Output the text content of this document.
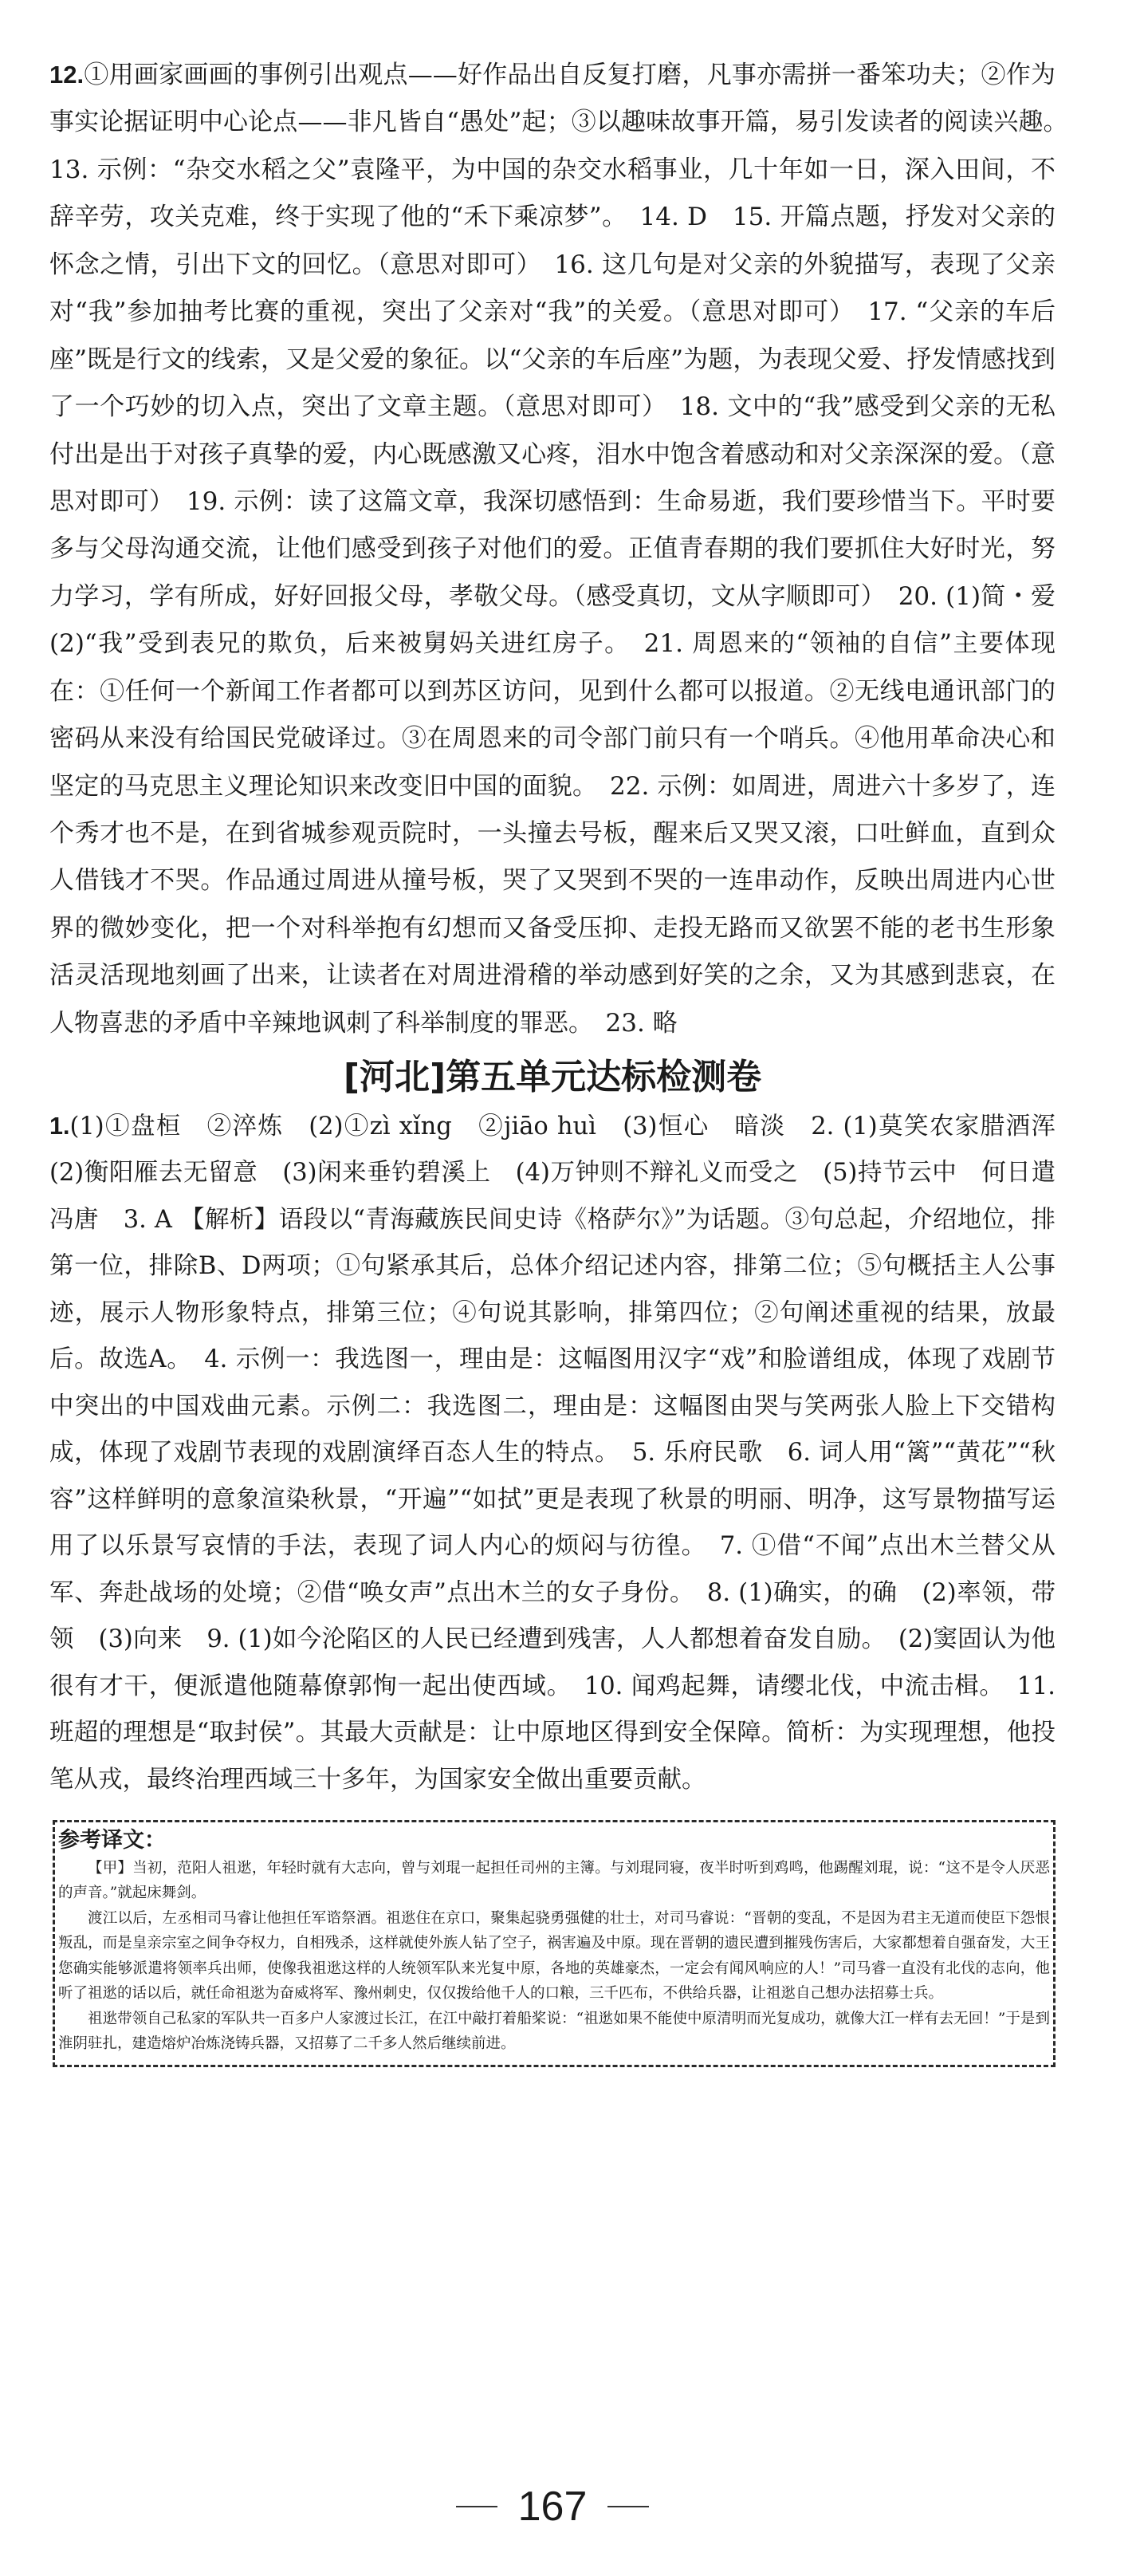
12.①用画家画画的事例引出观点——好作品出自反复打磨，凡事亦需拼一番笨功夫；②作为事实论据证明中心论点——非凡皆自“愚处”起；③以趣味故事开篇，易引发读者的阅读兴趣。　13. 示例：“杂交水稻之父”袁隆平，为中国的杂交水稻事业，几十年如一日，深入田间，不辞辛劳，攻关克难，终于实现了他的“禾下乘凉梦”。　14. D　15. 开篇点题，抒发对父亲的怀念之情，引出下文的回忆。（意思对即可）　16. 这几句是对父亲的外貌描写，表现了父亲对“我”参加抽考比赛的重视，突出了父亲对“我”的关爱。（意思对即可）　17. “父亲的车后座”既是行文的线索，又是父爱的象征。以“父亲的车后座”为题，为表现父爱、抒发情感找到了一个巧妙的切入点，突出了文章主题。（意思对即可）　18. 文中的“我”感受到父亲的无私付出是出于对孩子真挚的爱，内心既感激又心疼，泪水中饱含着感动和对父亲深深的爱。（意思对即可）　19. 示例：读了这篇文章，我深切感悟到：生命易逝，我们要珍惜当下。平时要多与父母沟通交流，让他们感受到孩子对他们的爱。正值青春期的我们要抓住大好时光，努力学习，学有所成，好好回报父母，孝敬父母。（感受真切，文从字顺即可）　20. (1)简・爱　(2)“我”受到表兄的欺负，后来被舅妈关进红房子。　21. 周恩来的“领袖的自信”主要体现在：①任何一个新闻工作者都可以到苏区访问，见到什么都可以报道。②无线电通讯部门的密码从来没有给国民党破译过。③在周恩来的司令部门前只有一个哨兵。④他用革命决心和坚定的马克思主义理论知识来改变旧中国的面貌。　22. 示例：如周进，周进六十多岁了，连个秀才也不是，在到省城参观贡院时，一头撞去号板，醒来后又哭又滚，口吐鲜血，直到众人借钱才不哭。作品通过周进从撞号板，哭了又哭到不哭的一连串动作，反映出周进内心世界的微妙变化，把一个对科举抱有幻想而又备受压抑、走投无路而又欲罢不能的老书生形象活灵活现地刻画了出来，让读者在对周进滑稽的举动感到好笑的之余，又为其感到悲哀，在人物喜悲的矛盾中辛辣地讽刺了科举制度的罪恶。　23. 略

[河北]第五单元达标检测卷

1.(1)①盘桓　②淬炼　(2)①zì xǐng　②jiāo huì　(3)恒心　暗淡　2. (1)莫笑农家腊酒浑　(2)衡阳雁去无留意　(3)闲来垂钓碧溪上　(4)万钟则不辩礼义而受之　(5)持节云中　何日遣冯唐　3. A 【解析】语段以“青海藏族民间史诗《格萨尔》”为话题。③句总起，介绍地位，排第一位，排除B、D两项；①句紧承其后，总体介绍记述内容，排第二位；⑤句概括主人公事迹，展示人物形象特点，排第三位；④句说其影响，排第四位；②句阐述重视的结果，放最后。故选A。　4. 示例一：我选图一，理由是：这幅图用汉字“戏”和脸谱组成，体现了戏剧节中突出的中国戏曲元素。示例二：我选图二，理由是：这幅图由哭与笑两张人脸上下交错构成，体现了戏剧节表现的戏剧演绎百态人生的特点。　5. 乐府民歌　6. 词人用“篱”“黄花”“秋容”这样鲜明的意象渲染秋景，“开遍”“如拭”更是表现了秋景的明丽、明净，这写景物描写运用了以乐景写哀情的手法，表现了词人内心的烦闷与彷徨。　7. ①借“不闻”点出木兰替父从军、奔赴战场的处境；②借“唤女声”点出木兰的女子身份。　8. (1)确实，的确　(2)率领，带领　(3)向来　9. (1)如今沦陷区的人民已经遭到残害，人人都想着奋发自励。　(2)窦固认为他很有才干，便派遣他随幕僚郭恂一起出使西域。　10. 闻鸡起舞，请缨北伐，中流击楫。　11. 班超的理想是“取封侯”。其最大贡献是：让中原地区得到安全保障。简析：为实现理想，他投笔从戎，最终治理西域三十多年，为国家安全做出重要贡献。

参考译文：

【甲】当初，范阳人祖逖，年轻时就有大志向，曾与刘琨一起担任司州的主簿。与刘琨同寝，夜半时听到鸡鸣，他踢醒刘琨，说：“这不是令人厌恶的声音。”就起床舞剑。

渡江以后，左丞相司马睿让他担任军谘祭酒。祖逖住在京口，聚集起骁勇强健的壮士，对司马睿说：“晋朝的变乱，不是因为君主无道而使臣下怨恨叛乱，而是皇亲宗室之间争夺权力，自相残杀，这样就使外族人钻了空子，祸害遍及中原。现在晋朝的遗民遭到摧残伤害后，大家都想着自强奋发，大王您确实能够派遣将领率兵出师，使像我祖逖这样的人统领军队来光复中原，各地的英雄豪杰，一定会有闻风响应的人！”司马睿一直没有北伐的志向，他听了祖逖的话以后，就任命祖逖为奋威将军、豫州刺史，仅仅拨给他千人的口粮，三千匹布，不供给兵器，让祖逖自己想办法招募士兵。

祖逖带领自己私家的军队共一百多户人家渡过长江，在江中敲打着船桨说：“祖逖如果不能使中原清明而光复成功，就像大江一样有去无回！”于是到淮阴驻扎，建造熔炉冶炼浇铸兵器，又招募了二千多人然后继续前进。

167
